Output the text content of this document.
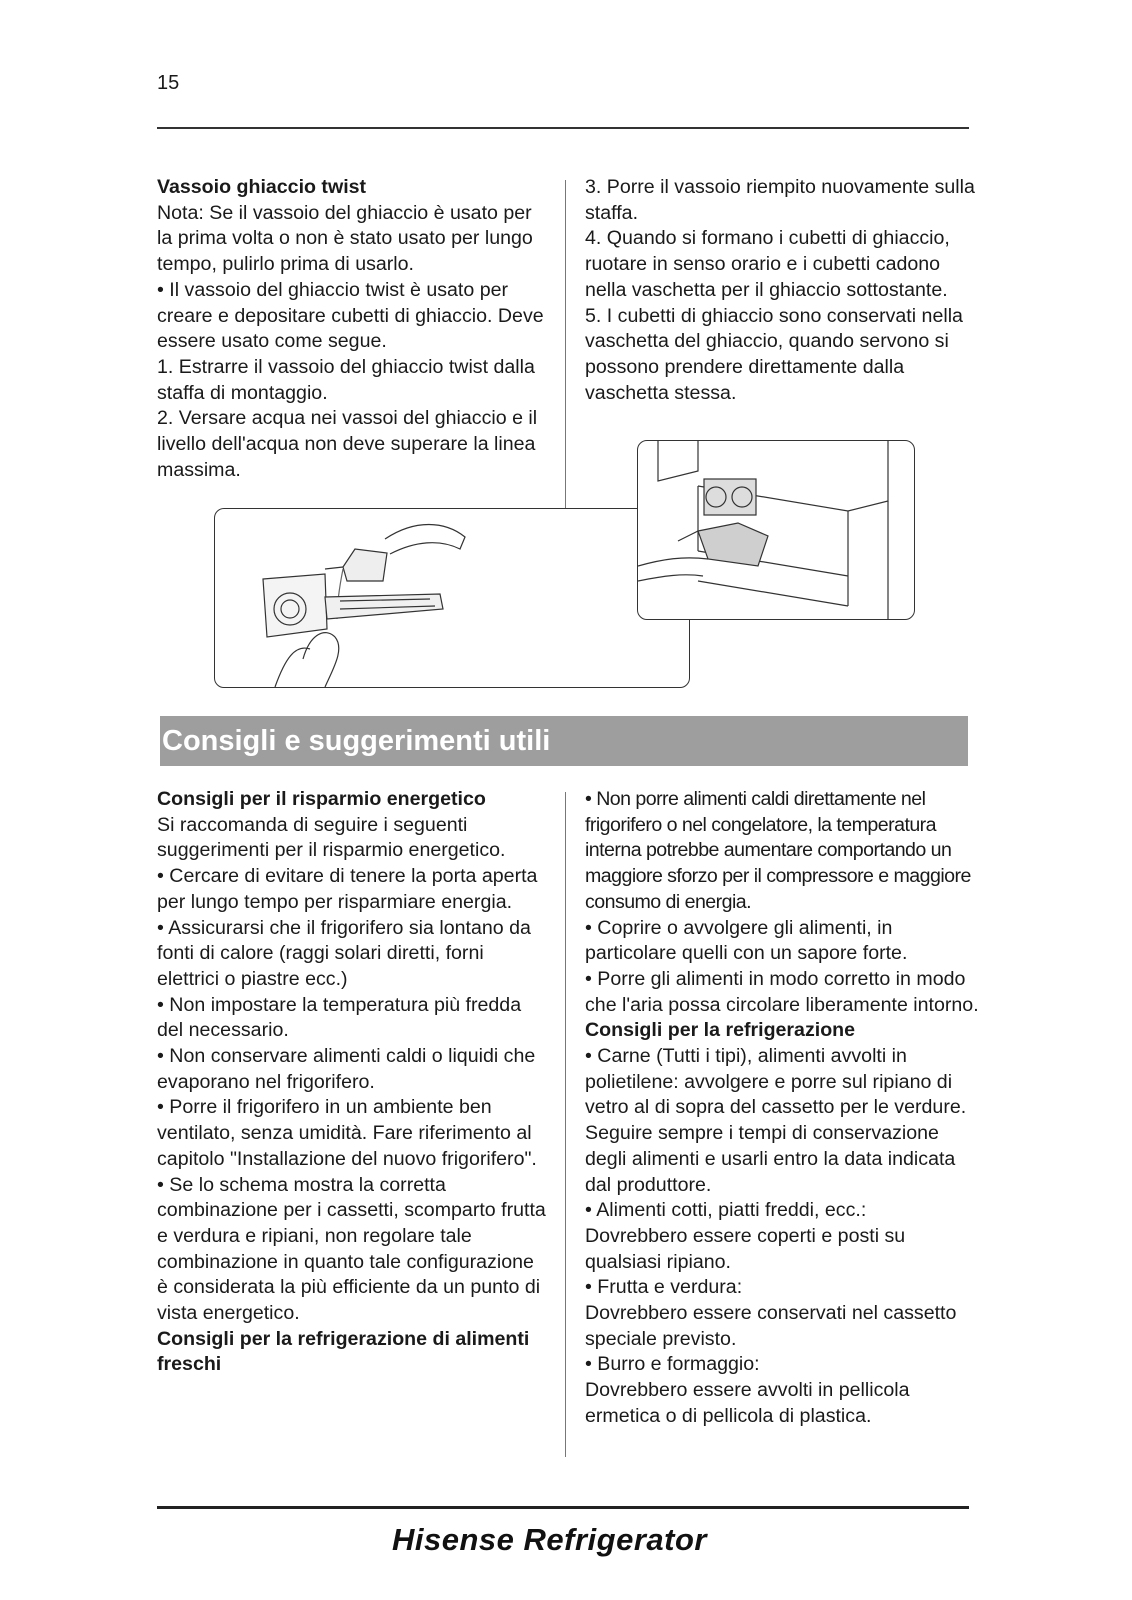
15

Vassoio ghiaccio twist

Nota: Se il vassoio del ghiaccio è usato per la prima volta o non è stato usato per lungo tempo, pulirlo prima di usarlo.

• Il vassoio del ghiaccio twist è usato per creare e depositare cubetti di ghiaccio. Deve essere usato come segue.

1. Estrarre il vassoio del ghiaccio twist dalla staffa di montaggio.

2. Versare acqua nei vassoi del ghiaccio e il livello dell'acqua non deve superare la linea massima.

3. Porre il vassoio riempito nuovamente sulla staffa.

4. Quando si formano i cubetti di ghiaccio, ruotare in senso orario e i cubetti cadono nella vaschetta per il ghiaccio sottostante.

5. I cubetti di ghiaccio sono conservati nella vaschetta del ghiaccio, quando servono si possono prendere direttamente dalla vaschetta stessa.

Consigli e suggerimenti utili

Consigli per il risparmio energetico

Si raccomanda di seguire i seguenti suggerimenti per il risparmio energetico.

• Cercare di evitare di tenere la porta aperta per lungo tempo per risparmiare energia.

• Assicurarsi che il frigorifero sia lontano da fonti di calore (raggi solari diretti, forni elettrici o piastre ecc.)

• Non impostare la temperatura più fredda del necessario.

• Non conservare alimenti caldi o liquidi che evaporano nel frigorifero.

• Porre il frigorifero in un ambiente ben ventilato, senza umidità. Fare riferimento al capitolo "Installazione del nuovo frigorifero".

• Se lo schema mostra la corretta combinazione per i cassetti, scomparto frutta e verdura e ripiani, non regolare tale combinazione in quanto tale configurazione è considerata la più efficiente da un punto di vista energetico.

Consigli per la refrigerazione di alimenti freschi

• Non porre alimenti caldi direttamente nel frigorifero o nel congelatore, la temperatura interna potrebbe aumentare comportando un maggiore sforzo per il compressore e maggiore consumo di energia.

• Coprire o avvolgere gli alimenti, in particolare quelli con un sapore forte.

• Porre gli alimenti in modo corretto in modo che l'aria possa circolare liberamente intorno.

Consigli per la refrigerazione

• Carne (Tutti i tipi), alimenti avvolti in polietilene: avvolgere e porre sul ripiano di vetro al di sopra del cassetto per le verdure. Seguire sempre i tempi di conservazione degli alimenti e usarli entro la data indicata dal produttore.

• Alimenti cotti, piatti freddi, ecc.:

Dovrebbero essere coperti e posti su qualsiasi ripiano.

• Frutta e verdura:

Dovrebbero essere conservati nel cassetto speciale previsto.

• Burro e formaggio:

Dovrebbero essere avvolti in pellicola ermetica o di pellicola di plastica.

Hisense Refrigerator
